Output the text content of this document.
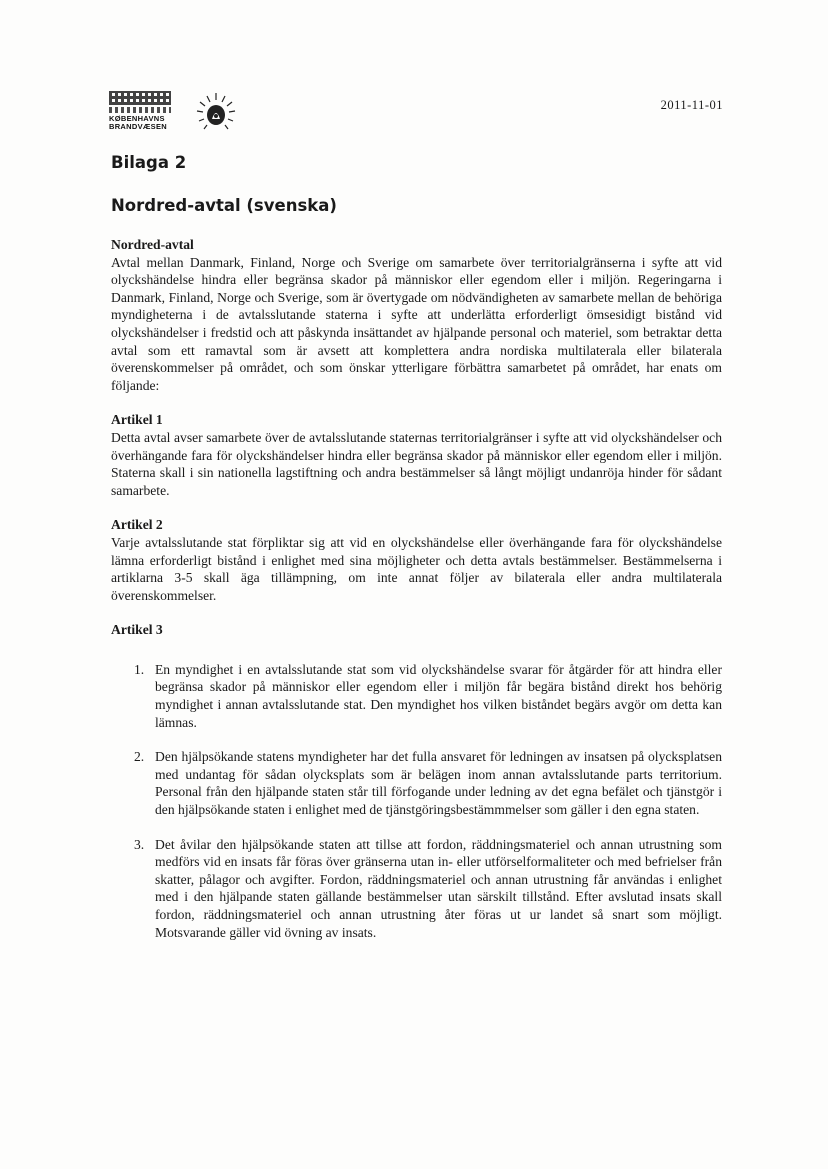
KØBENHAVNS
BRANDVÆSEN
2011-11-01
Bilaga 2
Nordred-avtal (svenska)
Nordred-avtal

Avtal mellan Danmark, Finland, Norge och Sverige om samarbete över territorialgränserna i syfte att vid olyckshändelse hindra eller begränsa skador på människor eller egendom eller i miljön. Regeringarna i Danmark, Finland, Norge och Sverige, som är övertygade om nödvändigheten av samarbete mellan de behöriga myndigheterna i de avtalsslutande staterna i syfte att underlätta erforderligt ömsesidigt bistånd vid olyckshändelser i fredstid och att påskynda insättandet av hjälpande personal och materiel, som betraktar detta avtal som ett ramavtal som är avsett att komplettera andra nordiska multilaterala eller bilaterala överenskommelser på området, och som önskar ytterligare förbättra samarbetet på området, har enats om följande:

Artikel 1

Detta avtal avser samarbete över de avtalsslutande staternas territorialgränser i syfte att vid olyckshändelser och överhängande fara för olyckshändelser hindra eller begränsa skador på människor eller egendom eller i miljön. Staterna skall i sin nationella lagstiftning och andra bestämmelser så långt möjligt undanröja hinder för sådant samarbete.

Artikel 2

Varje avtalsslutande stat förpliktar sig att vid en olyckshändelse eller överhängande fara för olyckshändelse lämna erforderligt bistånd i enlighet med sina möjligheter och detta avtals bestämmelser. Bestämmelserna i artiklarna 3-5 skall äga tillämpning, om inte annat följer av bilaterala eller andra multilaterala överenskommelser.

Artikel 3
1. En myndighet i en avtalsslutande stat som vid olyckshändelse svarar för åtgärder för att hindra eller begränsa skador på människor eller egendom eller i miljön får begära bistånd direkt hos behörig myndighet i annan avtalsslutande stat. Den myndighet hos vilken biståndet begärs avgör om detta kan lämnas.
2. Den hjälpsökande statens myndigheter har det fulla ansvaret för ledningen av insatsen på olycksplatsen med undantag för sådan olycksplats som är belägen inom annan avtalsslutande parts territorium. Personal från den hjälpande staten står till förfogande under ledning av det egna befälet och tjänstgör i den hjälpsökande staten i enlighet med de tjänstgöringsbestämmmelser som gäller i den egna staten.
3. Det åvilar den hjälpsökande staten att tillse att fordon, räddningsmateriel och annan utrustning som medförs vid en insats får föras över gränserna utan in- eller utförselformaliteter och med befrielser från skatter, pålagor och avgifter. Fordon, räddningsmateriel och annan utrustning får användas i enlighet med i den hjälpande staten gällande bestämmelser utan särskilt tillstånd. Efter avslutad insats skall fordon, räddningsmateriel och annan utrustning åter föras ut ur landet så snart som möjligt. Motsvarande gäller vid övning av insats.
